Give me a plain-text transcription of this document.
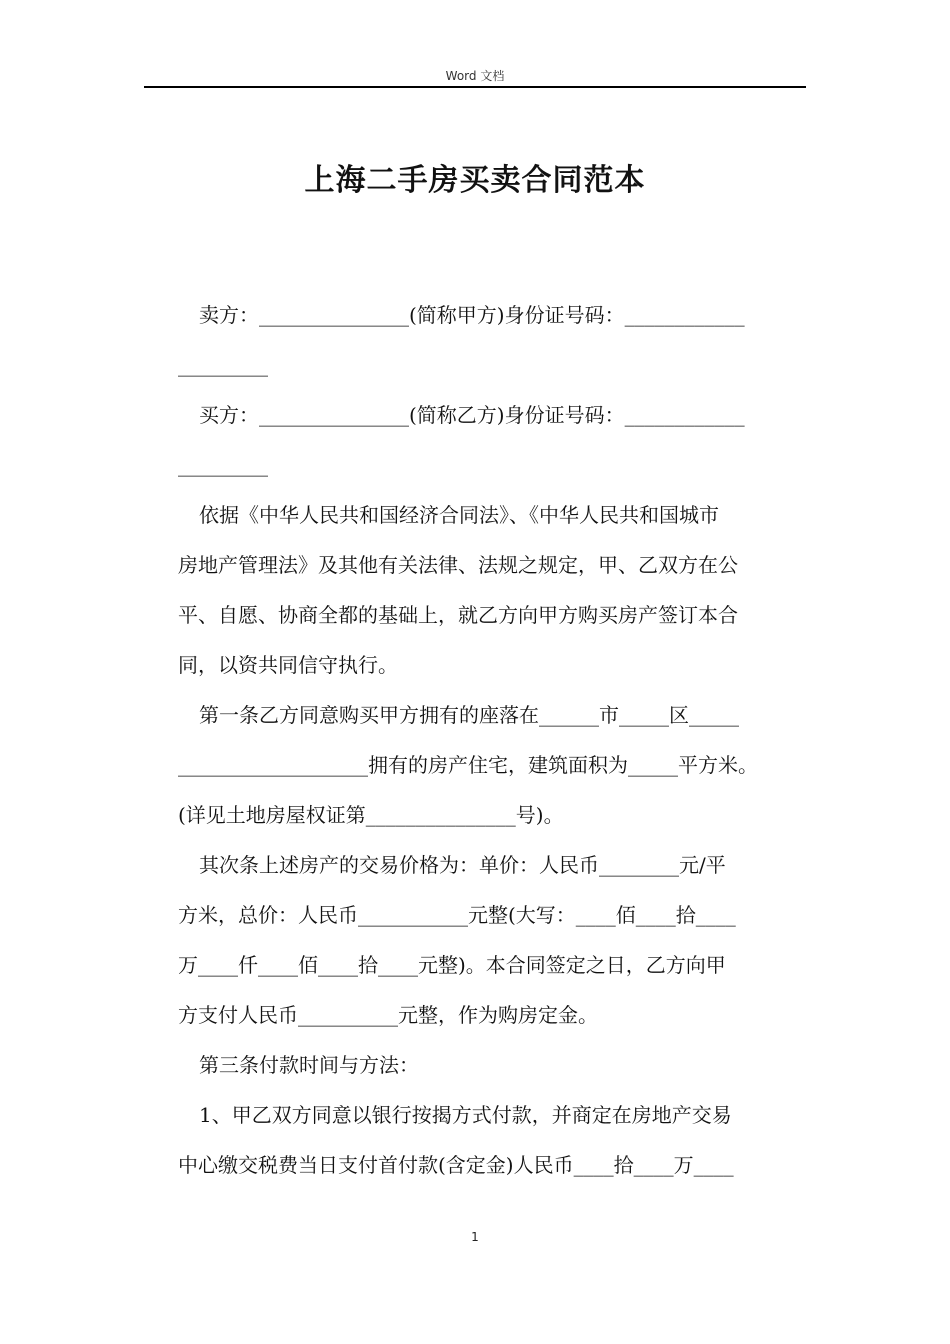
Word 文档
上海二手房买卖合同范本
卖方：_______________(简称甲方)身份证号码：____________
_________
买方：_______________(简称乙方)身份证号码：____________
_________
依据《中华人民共和国经济合同法》、《中华人民共和国城市
房地产管理法》及其他有关法律、法规之规定，甲、乙双方在公
平、自愿、协商全都的基础上，就乙方向甲方购买房产签订本合
同，以资共同信守执行。
第一条乙方同意购买甲方拥有的座落在______市_____区_____
___________________拥有的房产住宅，建筑面积为_____平方米。
(详见土地房屋权证第_______________号)。
其次条上述房产的交易价格为：单价：人民币________元/平
方米，总价：人民币___________元整(大写：____佰____拾____
万____仟____佰____拾____元整)。本合同签定之日，乙方向甲
方支付人民币__________元整，作为购房定金。
第三条付款时间与方法：
1、甲乙双方同意以银行按揭方式付款，并商定在房地产交易
中心缴交税费当日支付首付款(含定金)人民币____拾____万____
1
